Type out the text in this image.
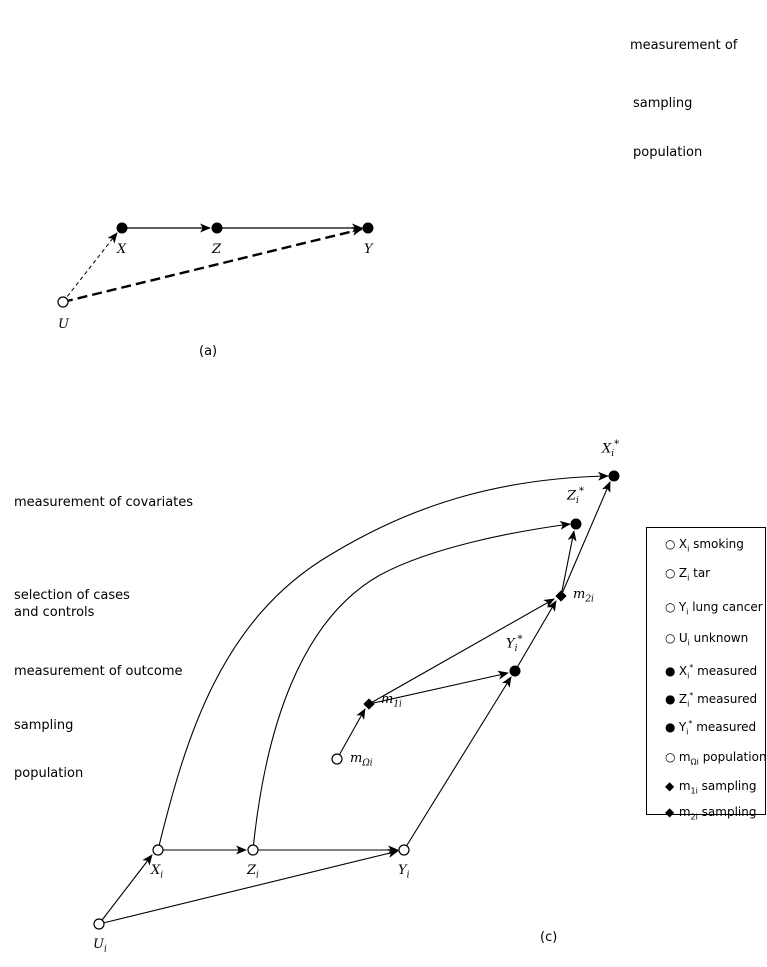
measurement of
sampling
population
X	Z	Y
U
(a)
measurement of covariates
selection of cases
and controls
measurement of outcome
sampling
population
$X_i^*$
$Z_i^*$
$Y_i^*$
$m_{2i}$
$m_{1i}$
$m_{\Omega i}$
$X_i$	$Z_i$	$Y_i$
$U_i$
(c)
○ $X_i$ smoking
○ $Z_i$ tar
○ $Y_i$ lung cancer
○ $U_i$ unknown
● $X_i^*$ measured
● $Z_i^*$ measured
● $Y_i^*$ measured
○ $m_{\Omega i}$ population
◆ $m_{1i}$ sampling
◆ $m_{2i}$ sampling
